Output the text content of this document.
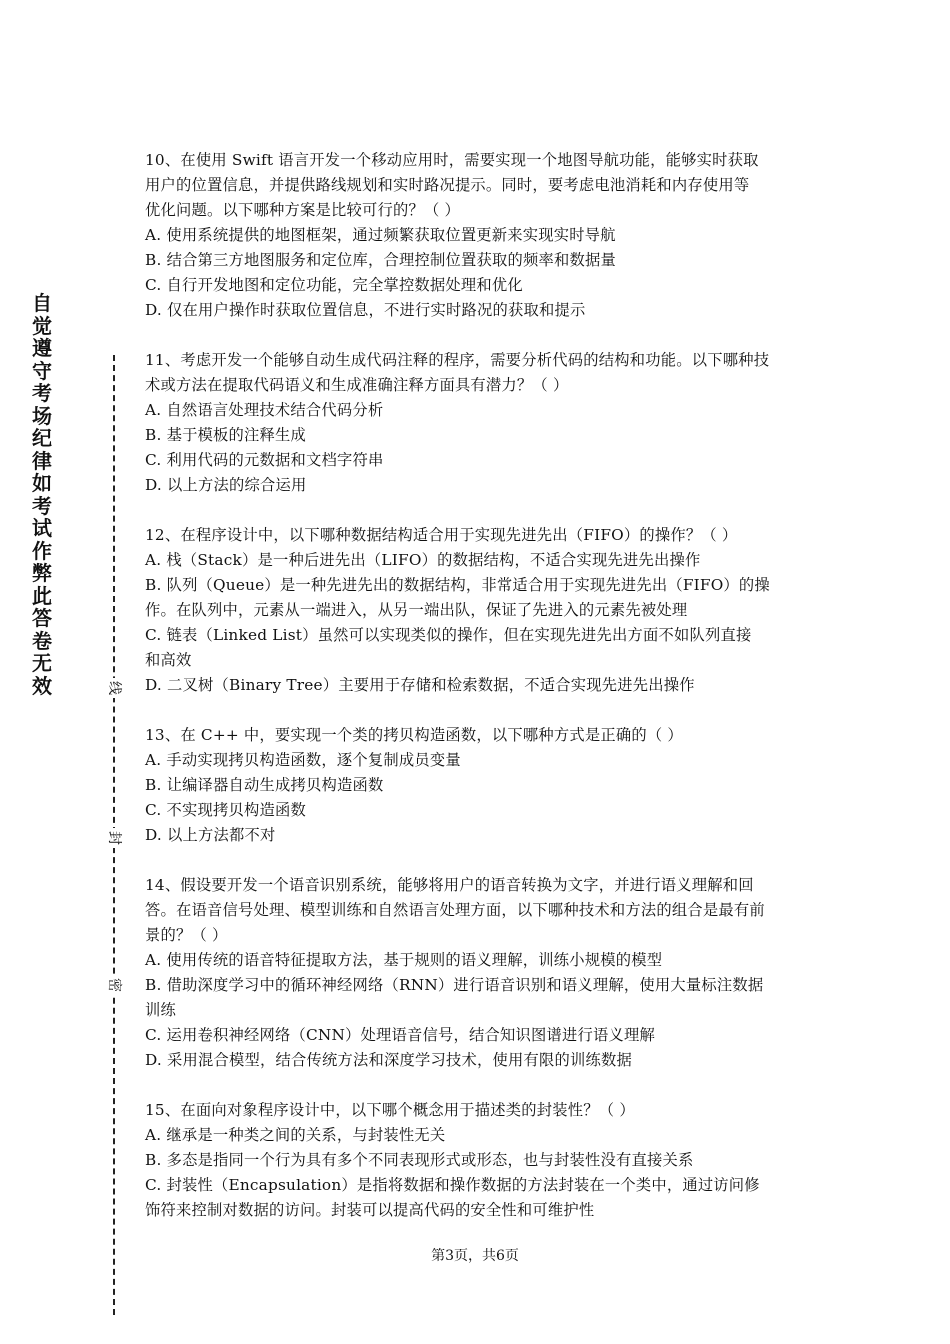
自
觉
遵
守
考
场
纪
律
如
考
试
作
弊
此
答
卷
无
效	线
封
密
10、在使用 Swift 语言开发一个移动应用时，需要实现一个地图导航功能，能够实时获取
用户的位置信息，并提供路线规划和实时路况提示。同时，要考虑电池消耗和内存使用等
优化问题。以下哪种方案是比较可行的？（ ）
A. 使用系统提供的地图框架，通过频繁获取位置更新来实现实时导航
B. 结合第三方地图服务和定位库，合理控制位置获取的频率和数据量
C. 自行开发地图和定位功能，完全掌控数据处理和优化
D. 仅在用户操作时获取位置信息，不进行实时路况的获取和提示
11、考虑开发一个能够自动生成代码注释的程序，需要分析代码的结构和功能。以下哪种技
术或方法在提取代码语义和生成准确注释方面具有潜力？（ ）
A. 自然语言处理技术结合代码分析
B. 基于模板的注释生成
C. 利用代码的元数据和文档字符串
D. 以上方法的综合运用
12、在程序设计中，以下哪种数据结构适合用于实现先进先出（FIFO）的操作？（ ）
A. 栈（Stack）是一种后进先出（LIFO）的数据结构，不适合实现先进先出操作
B. 队列（Queue）是一种先进先出的数据结构，非常适合用于实现先进先出（FIFO）的操
作。在队列中，元素从一端进入，从另一端出队，保证了先进入的元素先被处理
C. 链表（Linked List）虽然可以实现类似的操作，但在实现先进先出方面不如队列直接
和高效
D. 二叉树（Binary Tree）主要用于存储和检索数据，不适合实现先进先出操作
13、在 C++ 中，要实现一个类的拷贝构造函数，以下哪种方式是正确的（ ）
A. 手动实现拷贝构造函数，逐个复制成员变量
B. 让编译器自动生成拷贝构造函数
C. 不实现拷贝构造函数
D. 以上方法都不对
14、假设要开发一个语音识别系统，能够将用户的语音转换为文字，并进行语义理解和回
答。在语音信号处理、模型训练和自然语言处理方面，以下哪种技术和方法的组合是最有前
景的？（ ）
A. 使用传统的语音特征提取方法，基于规则的语义理解，训练小规模的模型
B. 借助深度学习中的循环神经网络（RNN）进行语音识别和语义理解，使用大量标注数据
训练
C. 运用卷积神经网络（CNN）处理语音信号，结合知识图谱进行语义理解
D. 采用混合模型，结合传统方法和深度学习技术，使用有限的训练数据
15、在面向对象程序设计中，以下哪个概念用于描述类的封装性？（ ）
A. 继承是一种类之间的关系，与封装性无关
B. 多态是指同一个行为具有多个不同表现形式或形态，也与封装性没有直接关系
C. 封装性（Encapsulation）是指将数据和操作数据的方法封装在一个类中，通过访问修
饰符来控制对数据的访问。封装可以提高代码的安全性和可维护性
第3页，共6页
